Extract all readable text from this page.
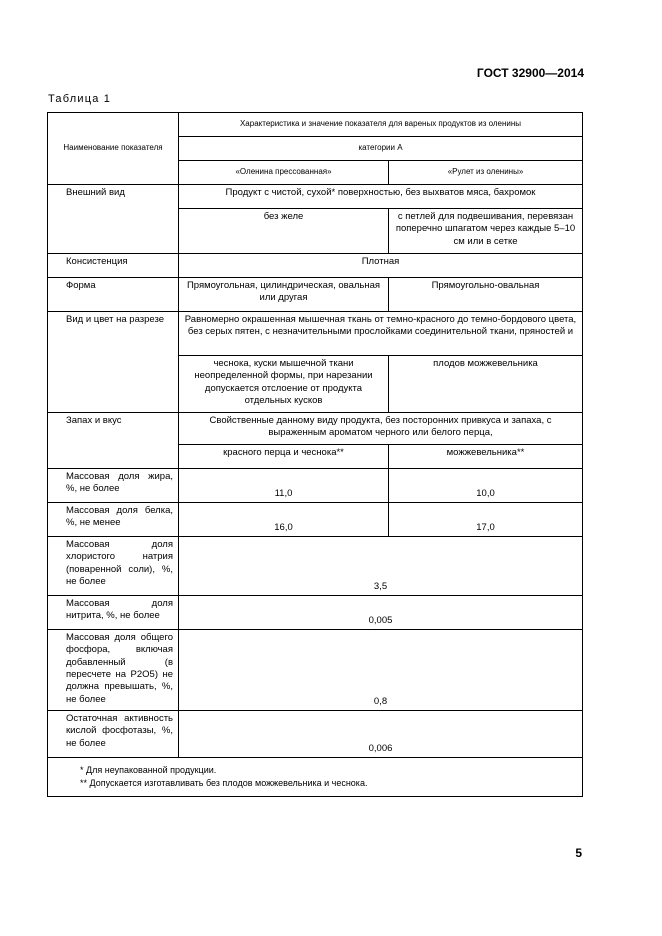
ГОСТ 32900—2014
Таблица 1
Наименование показателя	Характеристика и значение показателя для вареных продуктов из оленины	
	категории А	
	«Оленина прессованная»	«Рулет из оленины»
Внешний вид	Продукт с чистой, сухой* поверхностью, без выхватов мяса, бахромок	
	без желе	с петлей для подвешивания, перевязан поперечно шпагатом через каждые 5–10 см или в сетке
Консистенция	Плотная	
Форма	Прямоугольная, цилиндрическая, овальная или другая	Прямоугольно-овальная
Вид и цвет на разрезе	Равномерно окрашенная мышечная ткань от темно-красного до темно-бордового цвета, без серых пятен, с незначительными прослойками соединительной ткани, пряностей и	
	чеснока, куски мышечной ткани неопределенной формы, при нарезании допускается отслоение от продукта отдельных кусков	плодов можжевельника
Запах и вкус	Свойственные данному виду продукта, без посторонних привкуса и запаха, с выраженным ароматом черного или белого перца,	
	красного перца и чеснока**	можжевельника**
Массовая доля жира, %, не более	11,0	10,0
Массовая доля белка, %, не менее	16,0	17,0
Массовая доля хлористого натрия (поваренной соли), %, не более	3,5	
Массовая доля нитрита, %, не более	0,005	
Массовая доля общего фосфора, включая добавленный (в пересчете на P2O5) не должна превышать, %, не более	0,8	
Остаточная активность кислой фосфотазы, %, не более	0,006	

* Для неупакованной продукции.
** Допускается изготавливать без плодов можжевельника и чеснока.		
5
